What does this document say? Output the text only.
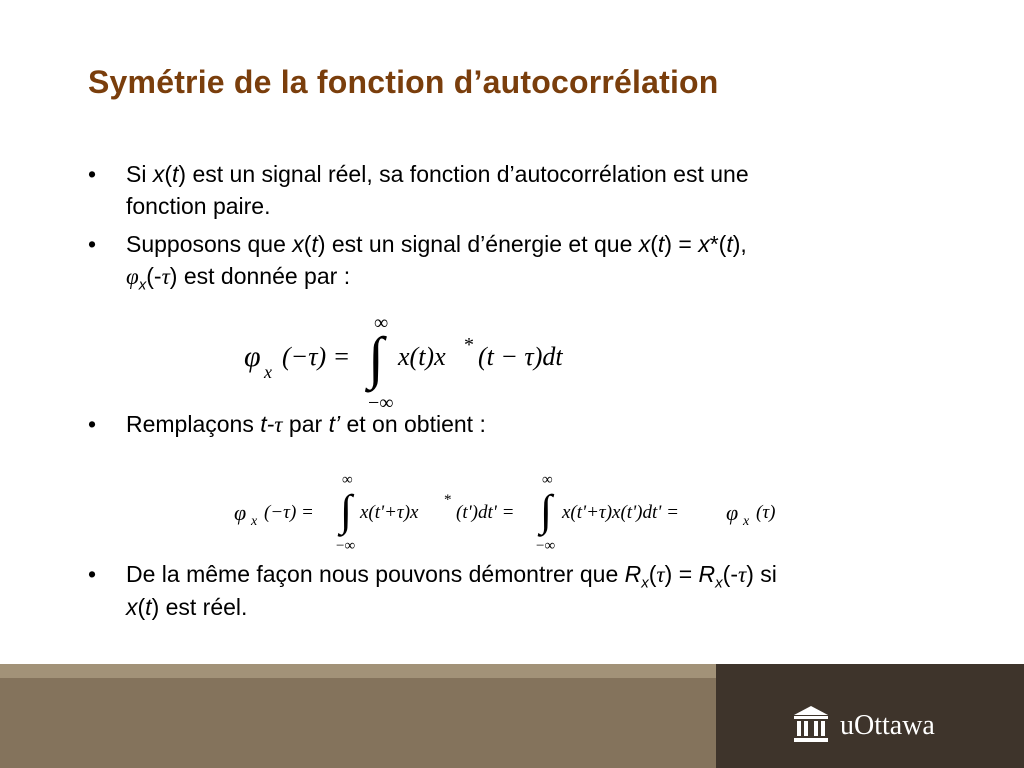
Symétrie de la fonction d’autocorrélation
• Si x(t) est un signal réel, sa fonction d’autocorrélation est une
fonction paire.
• Supposons que x(t) est un signal d’énergie et que x(t) = x*(t),
$\varphi_x(-\tau)$ est donnée par :
φ x
(−τ) =
∞
∫
−∞
x(t)x * (t − τ)dt
• Remplaçons t-τ par t’ et on obtient :
φ x (−τ) =
∞
∫
−∞
x(t'+τ)x
*
(t')dt' =
∞
∫
−∞
x(t'+τ)x(t')dt' = φ x (τ)
• De la même façon nous pouvons démontrer que $R_x(\tau) = R_x(-\tau)$ si
x(t) est réel.
uOttawa
